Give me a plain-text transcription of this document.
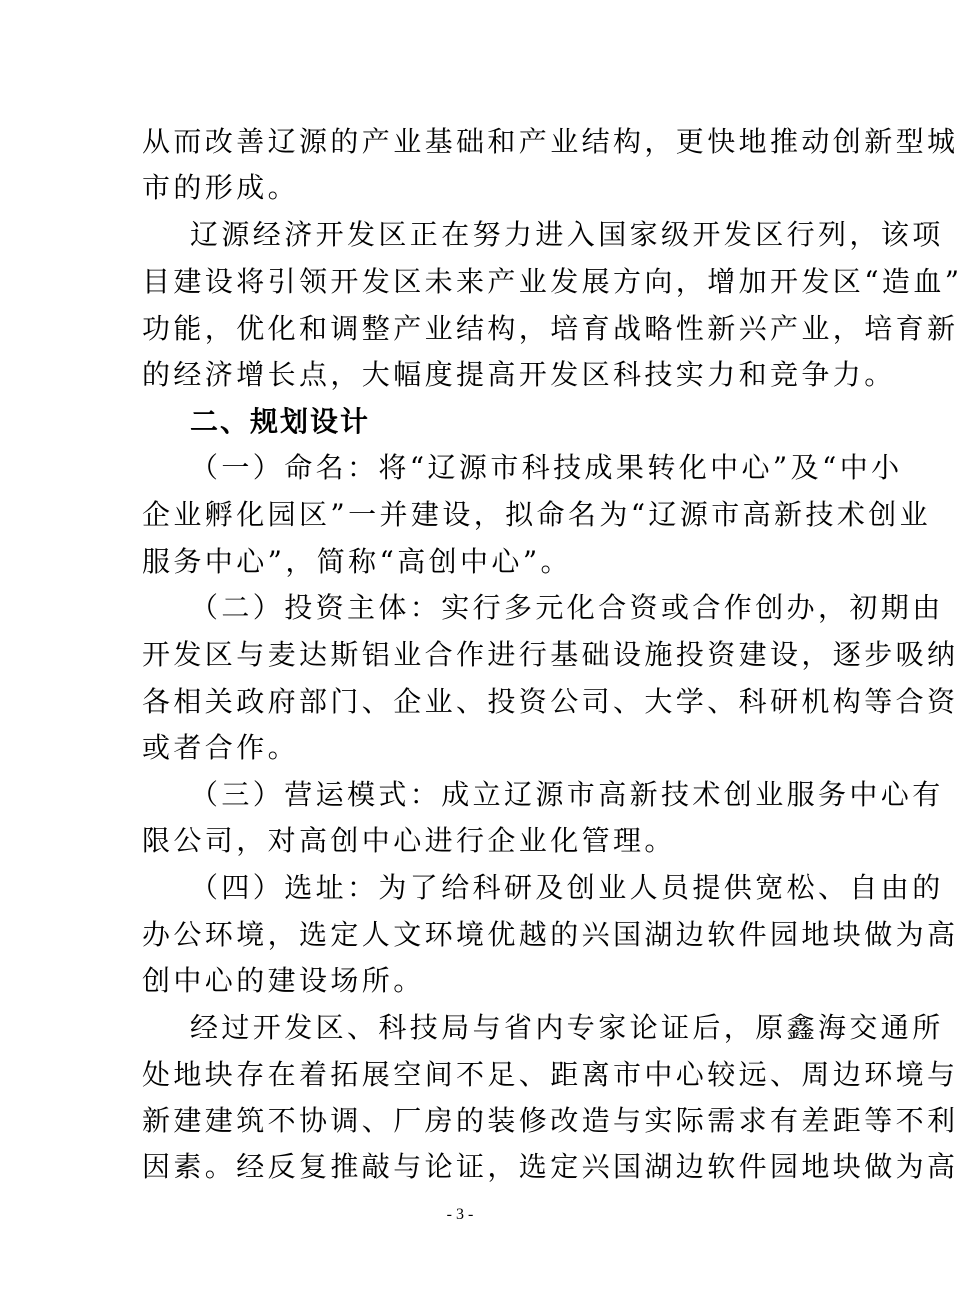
从而改善辽源的产业基础和产业结构，更快地推动创新型城
市的形成。
辽源经济开发区正在努力进入国家级开发区行列，该项
目建设将引领开发区未来产业发展方向，增加开发区“造血”
功能，优化和调整产业结构，培育战略性新兴产业，培育新
的经济增长点，大幅度提高开发区科技实力和竞争力。
二、规划设计
（一）命名：将“辽源市科技成果转化中心”及“中小
企业孵化园区”一并建设，拟命名为“辽源市高新技术创业
服务中心”，简称“高创中心”。
（二）投资主体：实行多元化合资或合作创办，初期由
开发区与麦达斯铝业合作进行基础设施投资建设，逐步吸纳
各相关政府部门、企业、投资公司、大学、科研机构等合资
或者合作。
（三）营运模式：成立辽源市高新技术创业服务中心有
限公司，对高创中心进行企业化管理。
（四）选址：为了给科研及创业人员提供宽松、自由的
办公环境，选定人文环境优越的兴国湖边软件园地块做为高
创中心的建设场所。
经过开发区、科技局与省内专家论证后，原鑫海交通所
处地块存在着拓展空间不足、距离市中心较远、周边环境与
新建建筑不协调、厂房的装修改造与实际需求有差距等不利
因素。经反复推敲与论证，选定兴国湖边软件园地块做为高
- 3 -
